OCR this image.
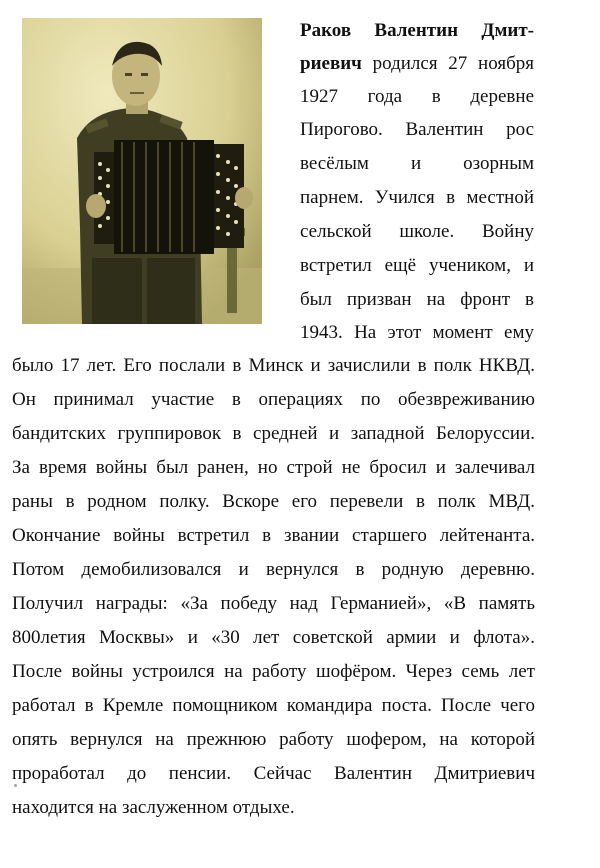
Раков Валентин Дмит-
риевич родился 27 ноября
1927 года в деревне
Пирогово. Валентин рос
весёлым и озорным
парнем. Учился в местной
сельской школе. Войну
встретил ещё учеником, и
был призван на фронт в
1943. На этот момент ему
было 17 лет. Его послали в Минск и зачислили в полк НКВД.
Он принимал участие в операциях по обезвреживанию
бандитских группировок в средней и западной Белоруссии.
За время войны был ранен, но строй не бросил и залечивал
раны в родном полку. Вскоре его перевели в полк МВД.
Окончание войны встретил в звании старшего лейтенанта.
Потом демобилизовался и вернулся в родную деревню.
Получил награды: «За победу над Германией», «В память
800летия Москвы» и «30 лет советской армии и флота».
После войны устроился на работу шофёром. Через семь лет
работал в Кремле помощником командира поста. После чего
опять вернулся на прежнюю работу шофером, на которой
проработал до пенсии. Сейчас Валентин Дмитриевич
находится на заслуженном отдыхе.
